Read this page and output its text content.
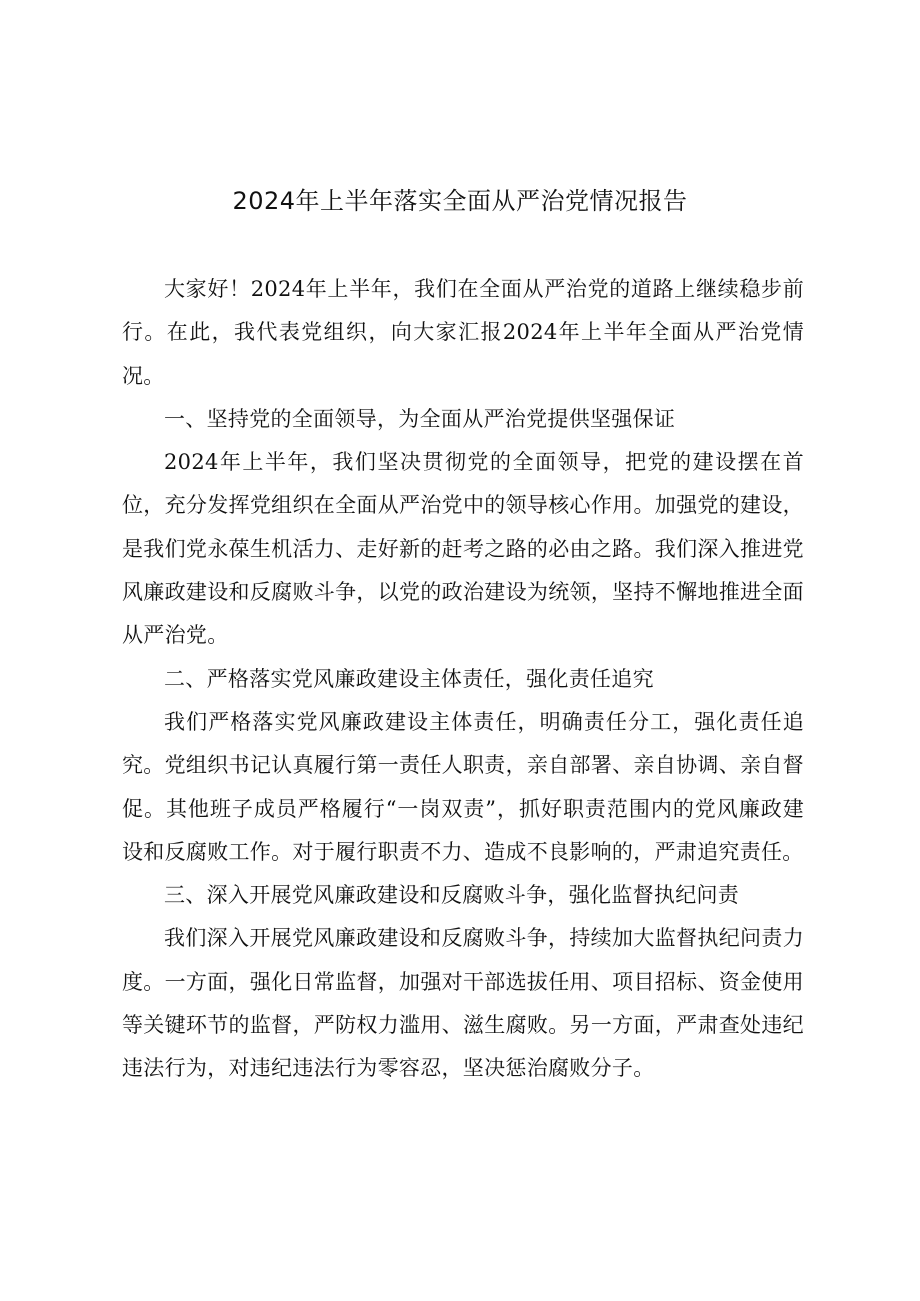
2024年上半年落实全面从严治党情况报告

大家好！2024年上半年，我们在全面从严治党的道路上继续稳步前行。在此，我代表党组织，向大家汇报2024年上半年全面从严治党情况。

一、坚持党的全面领导，为全面从严治党提供坚强保证

2024年上半年，我们坚决贯彻党的全面领导，把党的建设摆在首位，充分发挥党组织在全面从严治党中的领导核心作用。加强党的建设，是我们党永葆生机活力、走好新的赶考之路的必由之路。我们深入推进党风廉政建设和反腐败斗争，以党的政治建设为统领，坚持不懈地推进全面从严治党。

二、严格落实党风廉政建设主体责任，强化责任追究

我们严格落实党风廉政建设主体责任，明确责任分工，强化责任追究。党组织书记认真履行第一责任人职责，亲自部署、亲自协调、亲自督促。其他班子成员严格履行“一岗双责”，抓好职责范围内的党风廉政建设和反腐败工作。对于履行职责不力、造成不良影响的，严肃追究责任。

三、深入开展党风廉政建设和反腐败斗争，强化监督执纪问责

我们深入开展党风廉政建设和反腐败斗争，持续加大监督执纪问责力度。一方面，强化日常监督，加强对干部选拔任用、项目招标、资金使用等关键环节的监督，严防权力滥用、滋生腐败。另一方面，严肃查处违纪违法行为，对违纪违法行为零容忍，坚决惩治腐败分子。
